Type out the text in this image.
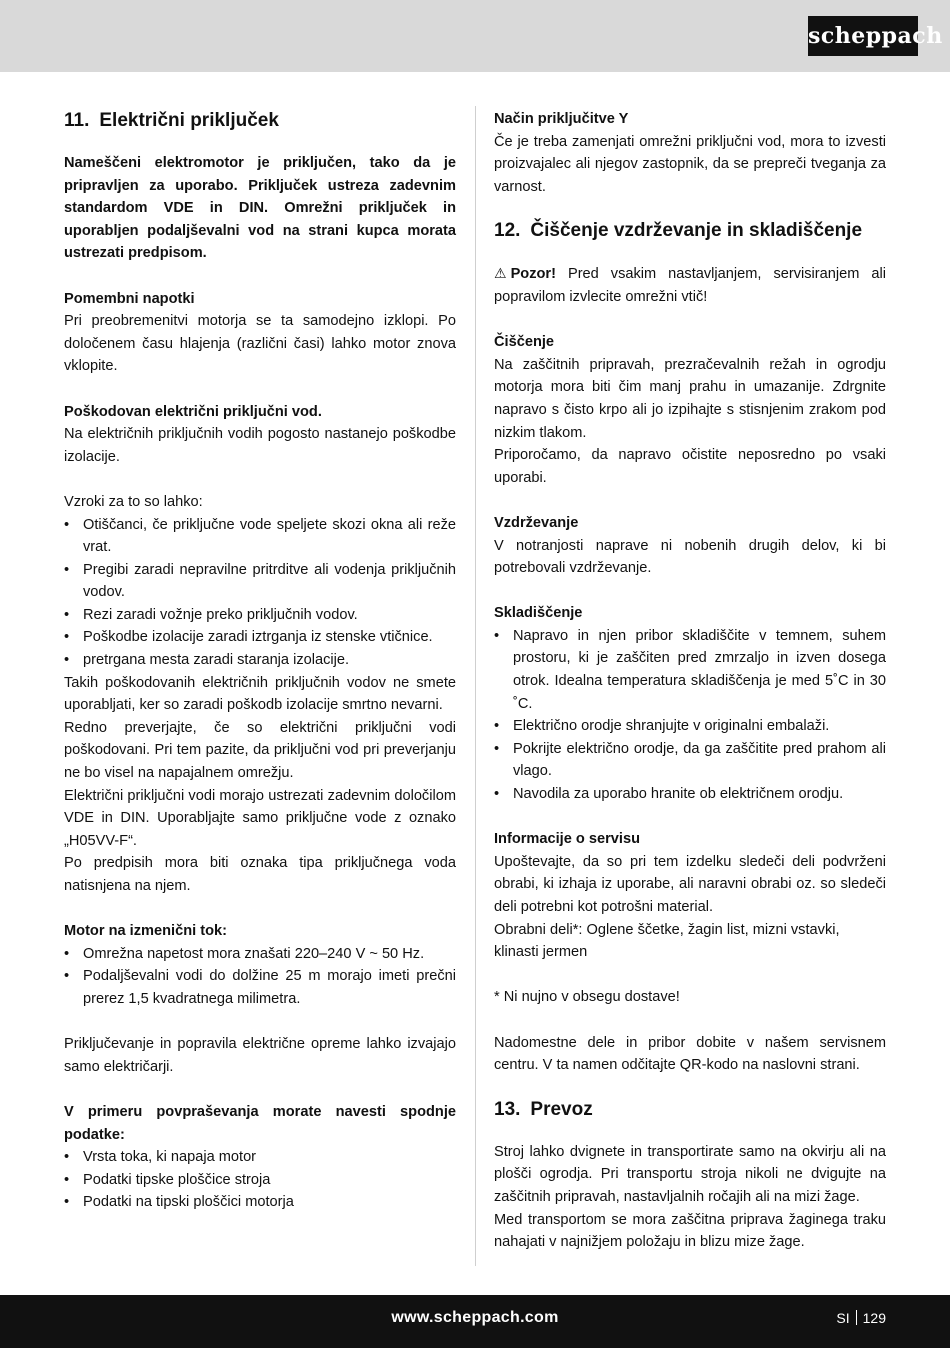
scheppach
11. Električni priključek

Nameščeni elektromotor je priključen, tako da je pripravljen za uporabo. Priključek ustreza zadevnim standardom VDE in DIN. Omrežni priključek in uporabljen podaljševalni vod na strani kupca morata ustrezati predpisom.

Pomembni napotki

Pri preobremenitvi motorja se ta samodejno izklopi. Po določenem času hlajenja (različni časi) lahko motor znova vklopite.

Poškodovan električni priključni vod.

Na električnih priključnih vodih pogosto nastanejo poškodbe izolacije.

Vzroki za to so lahko:

• Otiščanci, če priključne vode speljete skozi okna ali reže vrat.
• Pregibi zaradi nepravilne pritrditve ali vodenja priključnih vodov.
• Rezi zaradi vožnje preko priključnih vodov.
• Poškodbe izolacije zaradi iztrganja iz stenske vtičnice.
• pretrgana mesta zaradi staranja izolacije.

Takih poškodovanih električnih priključnih vodov ne smete uporabljati, ker so zaradi poškodb izolacije smrtno nevarni.

Redno preverjajte, če so električni priključni vodi poškodovani. Pri tem pazite, da priključni vod pri preverjanju ne bo visel na napajalnem omrežju.

Električni priključni vodi morajo ustrezati zadevnim določilom VDE in DIN. Uporabljajte samo priključne vode z oznako „H05VV-F“.

Po predpisih mora biti oznaka tipa priključnega voda natisnjena na njem.

Motor na izmenični tok:
• Omrežna napetost mora znašati 220–240 V ~ 50 Hz.
• Podaljševalni vodi do dolžine 25 m morajo imeti prečni prerez 1,5 kvadratnega milimetra.

Priključevanje in popravila električne opreme lahko izvajajo samo električarji.

V primeru povpraševanja morate navesti spodnje podatke:

• Vrsta toka, ki napaja motor
• Podatki tipske ploščice stroja
• Podatki na tipski ploščici motorja
Način priključitve Y

Če je treba zamenjati omrežni priključni vod, mora to izvesti proizvajalec ali njegov zastopnik, da se prepreči tveganja za varnost.

12. Čiščenje vzdrževanje in skladiščenje

⚠ Pozor! Pred vsakim nastavljanjem, servisiranjem ali popravilom izvlecite omrežni vtič!

Čiščenje

Na zaščitnih pripravah, prezračevalnih režah in ogrodju motorja mora biti čim manj prahu in umazanije. Zdrgnite napravo s čisto krpo ali jo izpihajte s stisnjenim zrakom pod nizkim tlakom.

Priporočamo, da napravo očistite neposredno po vsaki uporabi.

Vzdrževanje

V notranjosti naprave ni nobenih drugih delov, ki bi potrebovali vzdrževanje.

Skladiščenje
• Napravo in njen pribor skladiščite v temnem, suhem prostoru, ki je zaščiten pred zmrzaljo in izven dosega otrok. Idealna temperatura skladiščenja je med 5˚C in 30 ˚C.
• Električno orodje shranjujte v originalni embalaži.
• Pokrijte električno orodje, da ga zaščitite pred prahom ali vlago.
• Navodila za uporabo hranite ob električnem orodju.
Informacije o servisu

Upoštevajte, da so pri tem izdelku sledeči deli podvrženi obrabi, ki izhaja iz uporabe, ali naravni obrabi oz. so sledeči deli potrebni kot potrošni material.

Obrabni deli*: Oglene ščetke, žagin list, mizni vstavki, klinasti jermen

* Ni nujno v obsegu dostave!

Nadomestne dele in pribor dobite v našem servisnem centru. V ta namen odčitajte QR-kodo na naslovni strani.

13. Prevoz

Stroj lahko dvignete in transportirate samo na okvirju ali na plošči ogrodja. Pri transportu stroja nikoli ne dvigujte na zaščitnih pripravah, nastavljalnih ročajih ali na mizi žage.

Med transportom se mora zaščitna priprava žaginega traku nahajati v najnižjem položaju in blizu mize žage.

www.scheppach.com	SI 129
